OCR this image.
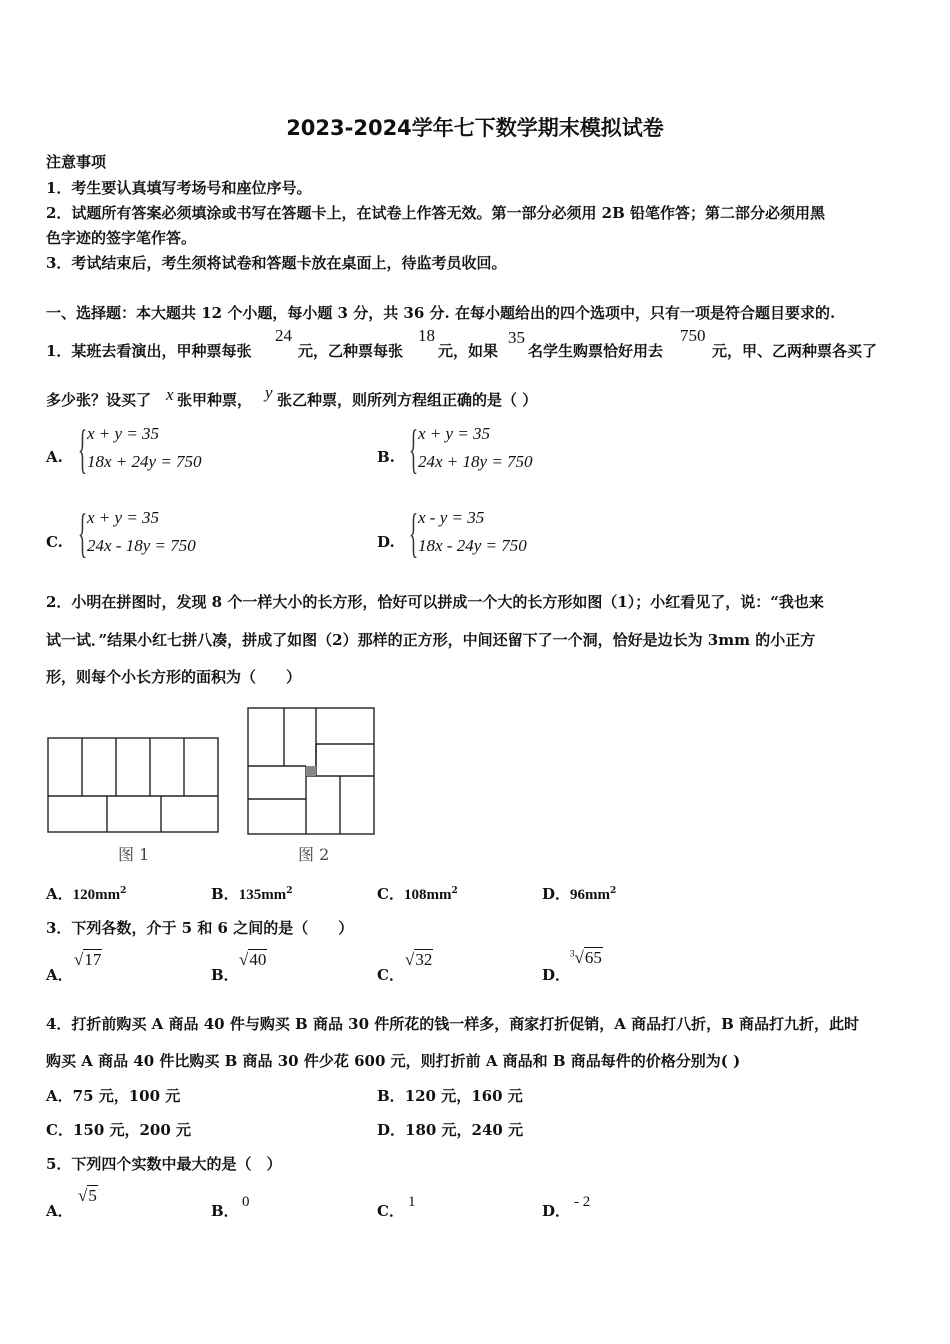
2023-2024学年七下数学期末模拟试卷
注意事项
1．考生要认真填写考场号和座位序号。
2．试题所有答案必须填涂或书写在答题卡上，在试卷上作答无效。第一部分必须用 2B 铅笔作答；第二部分必须用黑
色字迹的签字笔作答。
3．考试结束后，考生须将试卷和答题卡放在桌面上，待监考员收回。
一、选择题：本大题共 12 个小题，每小题 3 分，共 36 分. 在每小题给出的四个选项中，只有一项是符合题目要求的.
1．某班去看演出，甲种票每张
24
元，乙种票每张
18
元，如果
35
名学生购票恰好用去
750
元，甲、乙两种票各买了
多少张？设买了 x 张甲种票， y 张乙种票，则所列方程组正确的是（ ）
A. { x + y = 35
18x + 24y = 750	B. { x + y = 35
24x + 18y = 750
C. { x + y = 35
24x - 18y = 750	D. { x - y = 35
18x - 24y = 750
2．小明在拼图时，发现 8 个一样大小的长方形，恰好可以拼成一个大的长方形如图（1）；小红看见了，说：“我也来
试一试．”结果小红七拼八凑，拼成了如图（2）那样的正方形，中间还留下了一个洞，恰好是边长为 3mm 的小正方
形，则每个小长方形的面积为（　　）
图 1	图 2
A．$120mm^2$	B．$135mm^2$	C．$108mm^2$	D．$96mm^2$
3．下列各数，介于 5 和 6 之间的是（　　）
A．
√17
B．
√40
C．
√32
D．
$^3$√65
4．打折前购买 A 商品 40 件与购买 B 商品 30 件所花的钱一样多，商家打折促销，A 商品打八折，B 商品打九折，此时
购买 A 商品 40 件比购买 B 商品 30 件少花 600 元，则打折前 A 商品和 B 商品每件的价格分别为( )
A．75 元，100 元	B．120 元，160 元
C．150 元，200 元	D．180 元，240 元
5．下列四个实数中最大的是（　）
A．
√5
B． 0	C． 1	D． - 2
